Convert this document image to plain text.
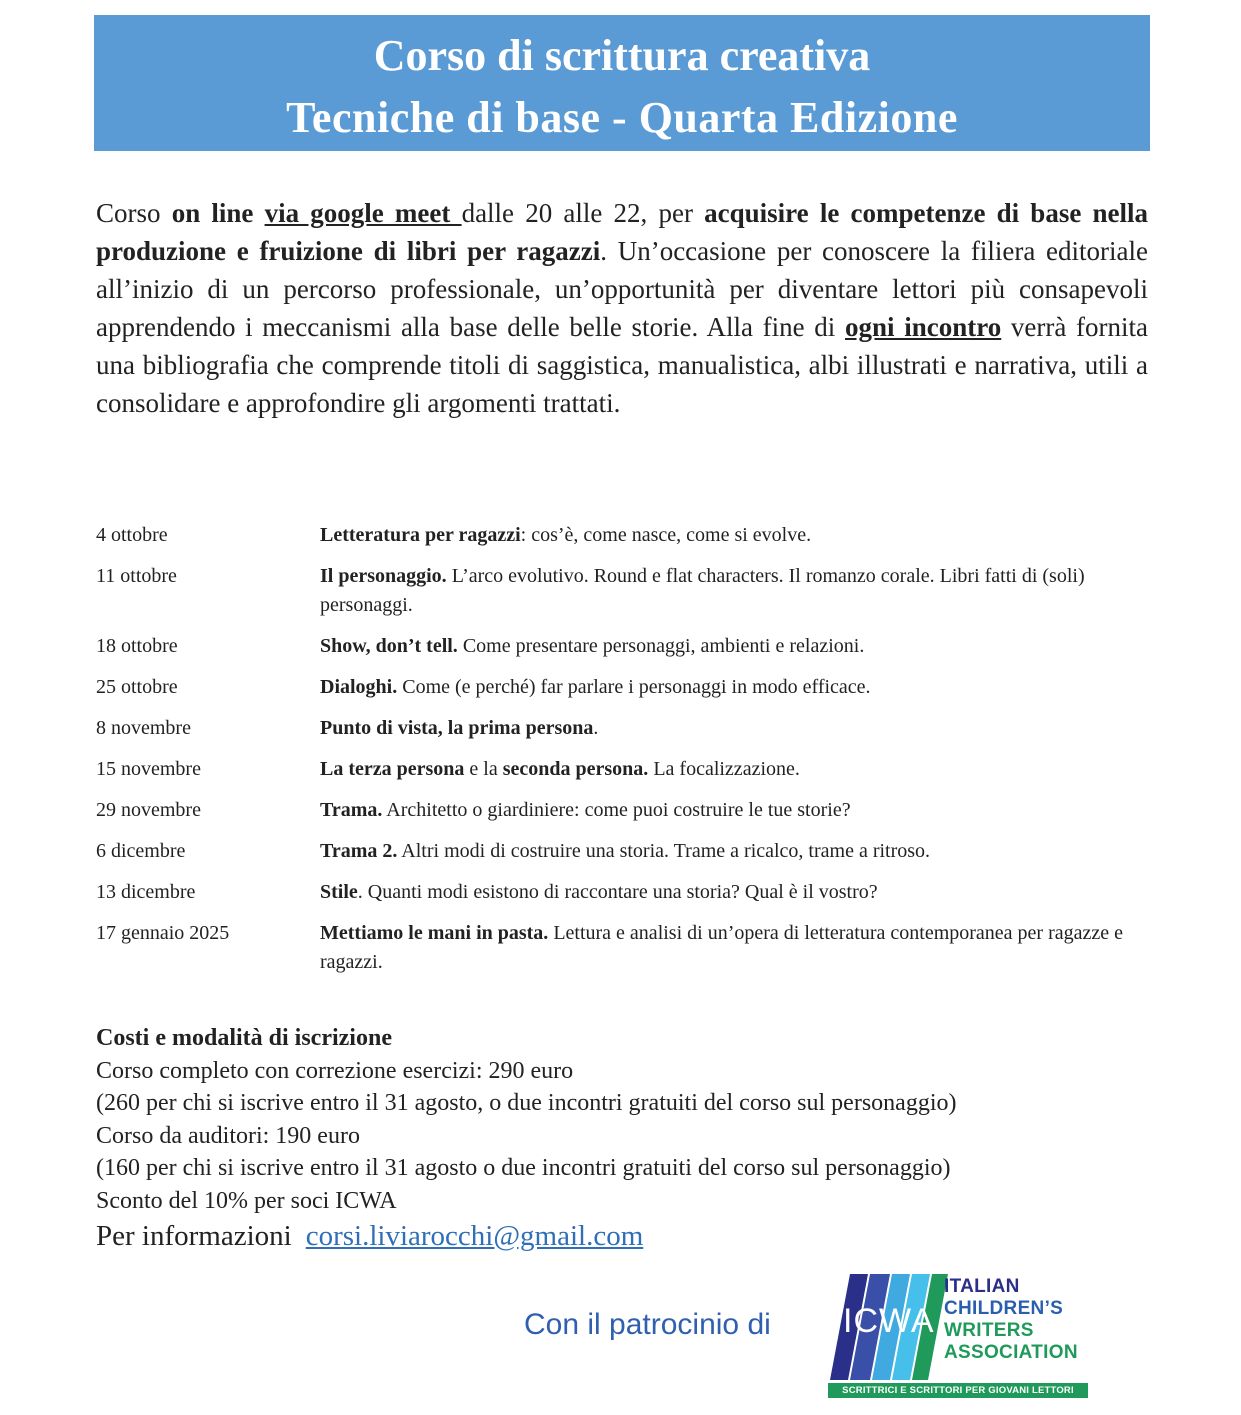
Corso di scrittura creativa
Tecniche di base - Quarta Edizione
Corso on line via google meet dalle 20 alle 22, per acquisire le competenze di base nella produzione e fruizione di libri per ragazzi. Un’occasione per conoscere la filiera editoriale all’inizio di un percorso professionale, un’opportunità per diventare lettori più consapevoli apprendendo i meccanismi alla base delle belle storie. Alla fine di ogni incontro verrà fornita una bibliografia che comprende titoli di saggistica, manualistica, albi illustrati e narrativa, utili a consolidare e approfondire gli argomenti trattati.
4 ottobre	Letteratura per ragazzi: cos’è, come nasce, come si evolve.
11 ottobre	Il personaggio. L’arco evolutivo. Round e flat characters. Il romanzo corale. Libri fatti di (soli) personaggi.
18 ottobre	Show, don’t tell. Come presentare personaggi, ambienti e relazioni.
25 ottobre	Dialoghi. Come (e perché) far parlare i personaggi in modo efficace.
8 novembre	Punto di vista, la prima persona.
15 novembre	La terza persona e la seconda persona. La focalizzazione.
29 novembre	Trama. Architetto o giardiniere: come puoi costruire le tue storie?
6 dicembre	Trama 2. Altri modi di costruire una storia. Trame a ricalco, trame a ritroso.
13 dicembre	Stile. Quanti modi esistono di raccontare una storia? Qual è il vostro?
17 gennaio 2025	Mettiamo le mani in pasta. Lettura e analisi di un’opera di letteratura contemporanea per ragazze e ragazzi.
Costi e modalità di iscrizione
Corso completo con correzione esercizi: 290 euro
(260 per chi si iscrive entro il 31 agosto, o due incontri gratuiti del corso sul personaggio)
Corso da auditori: 190 euro
(160 per chi si iscrive entro il 31 agosto o due incontri gratuiti del corso sul personaggio)
Sconto del 10% per soci ICWA
Per informazioni corsi.liviarocchi@gmail.com
Con il patrocinio di ICWA
ITALIAN
CHILDREN’S
WRITERS
ASSOCIATION
SCRITTRICI E SCRITTORI PER GIOVANI LETTORI
